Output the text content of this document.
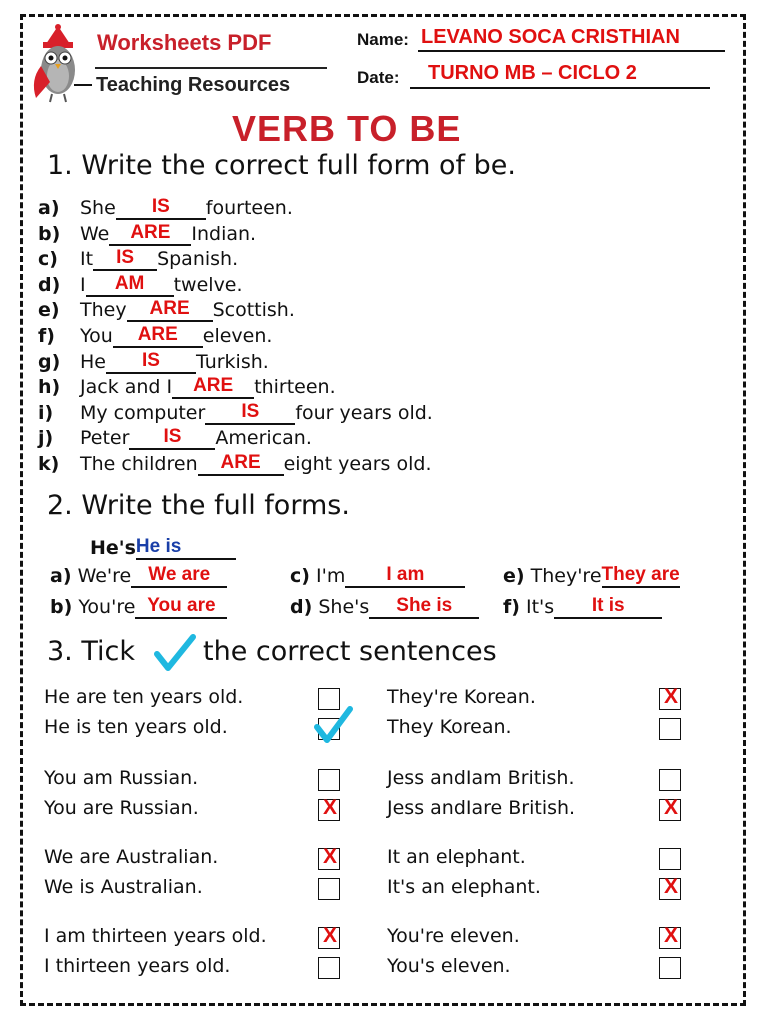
Worksheets PDF
Teaching Resources
Name: LEVANO SOCA CRISTHIAN
Date: TURNO MB – CICLO 2
VERB TO BE
1. Write the correct full form of be.
a) She IS fourteen.
b) We ARE Indian.
c) It IS Spanish.
d) I AM twelve.
e) They ARE Scottish.
f) You ARE eleven.
g) He IS Turkish.
h) Jack and I ARE thirteen.
i) My computer IS four years old.
j) Peter IS American.
k) The children ARE eight years old.
2. Write the full forms.
He'sHe is
a) We're We are
b) You're You are
c) I'm I am
d) She's She is
e) They'reThey are
f) It's It is
3. Tick	the correct sentences
He are ten years old.
He is ten years old.
You am Russian.
You are Russian.	X
We are Australian.	X
We is Australian.
I am thirteen years old.	X
I thirteen years old.
They're Korean.	X
They Korean.
Jess andIam British.
Jess andIare British.	X
It an elephant.
It's an elephant.	X
You're eleven.	X
You's eleven.
